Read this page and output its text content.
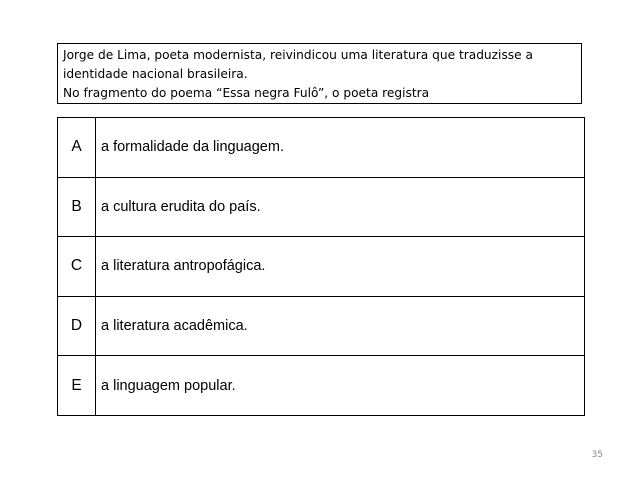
Jorge de Lima, poeta modernista, reivindicou uma literatura que traduzisse a
identidade nacional brasileira.
No fragmento do poema “Essa negra Fulô”, o poeta registra
A	a formalidade da linguagem.
B	a cultura erudita do país.
C	a literatura antropofágica.
D	a literatura acadêmica.
E	a linguagem popular.
35
